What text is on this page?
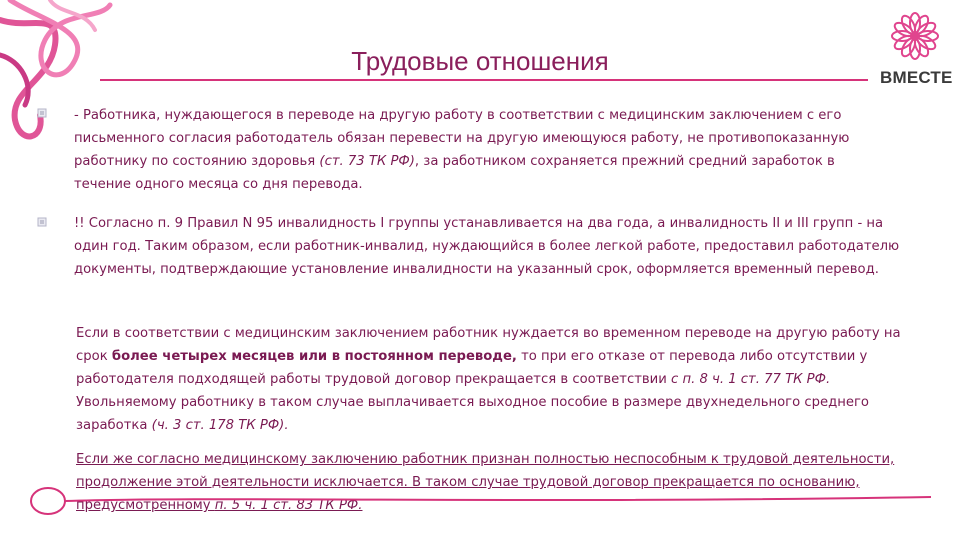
ВМЕСТЕ
Трудовые отношения

- Работника, нуждающегося в переводе на другую работу в соответствии с медицинским заключением с его письменного согласия работодатель обязан перевести на другую имеющуюся работу, не противопоказанную работнику по состоянию здоровья (ст. 73 ТК РФ), за работником сохраняется прежний средний заработок в течение одного месяца со дня перевода.

!! Согласно п. 9 Правил N 95 инвалидность I группы устанавливается на два года, а инвалидность II и III групп - на один год. Таким образом, если работник-инвалид, нуждающийся в более легкой работе, предоставил работодателю документы, подтверждающие установление инвалидности на указанный срок, оформляется временный перевод.

Если в соответствии с медицинским заключением работник нуждается во временном переводе на другую работу на срок более четырех месяцев или в постоянном переводе, то при его отказе от перевода либо отсутствии у работодателя подходящей работы трудовой договор прекращается в соответствии с п. 8 ч. 1 ст. 77 ТК РФ. Увольняемому работнику в таком случае выплачивается выходное пособие в размере двухнедельного среднего заработка (ч. 3 ст. 178 ТК РФ).

Если же согласно медицинскому заключению работник признан полностью неспособным к трудовой деятельности, продолжение этой деятельности исключается. В таком случае трудовой договор прекращается по основанию, предусмотренному п. 5 ч. 1 ст. 83 ТК РФ.
